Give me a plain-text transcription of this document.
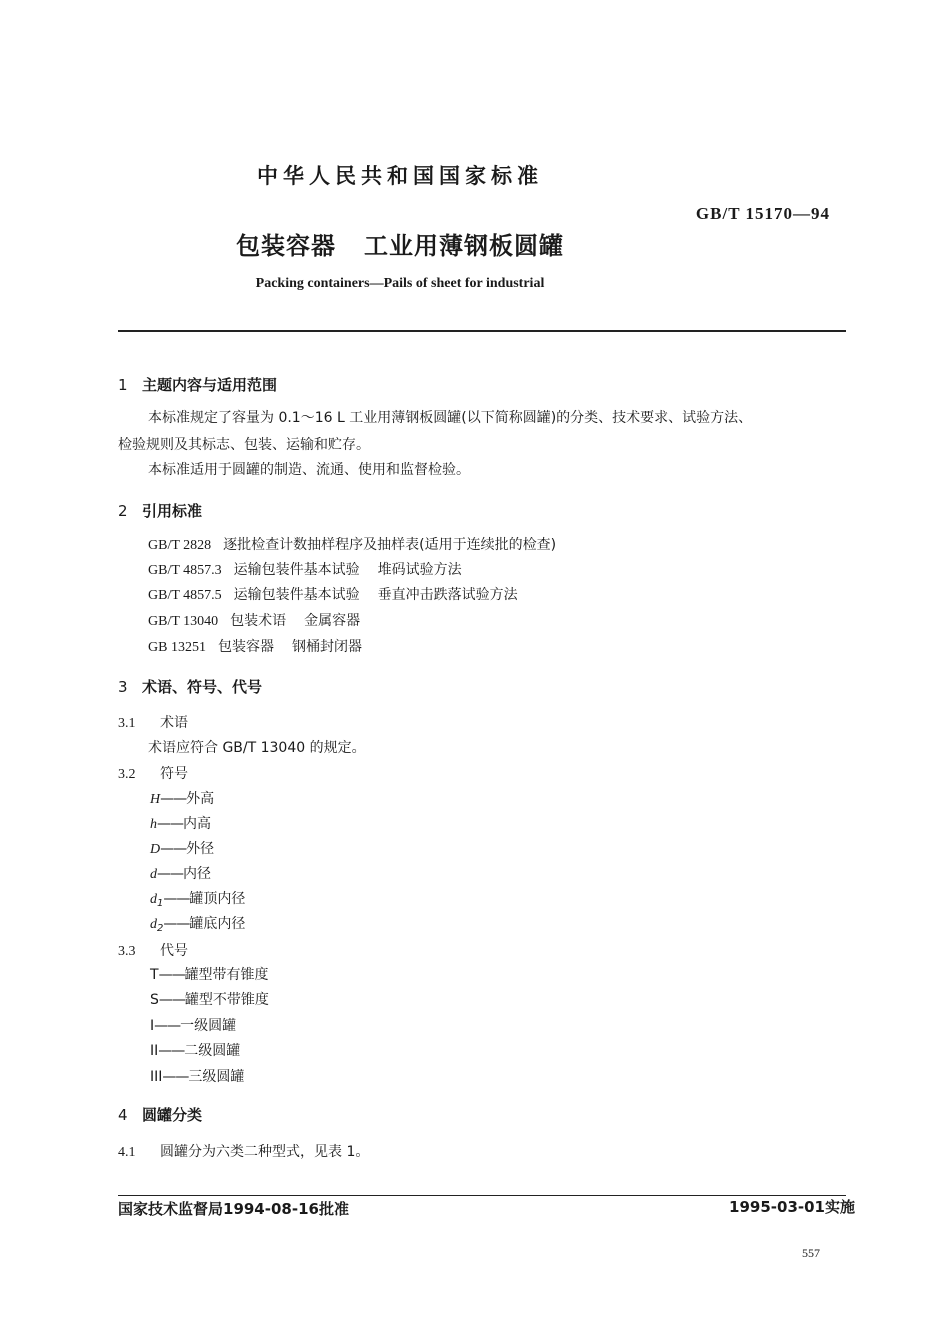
中华人民共和国国家标准
GB/T 15170—94
包装容器 工业用薄钢板圆罐
Packing containers—Pails of sheet for industrial
1 主题内容与适用范围
本标准规定了容量为 0.1～16 L 工业用薄钢板圆罐(以下简称圆罐)的分类、技术要求、试验方法、
检验规则及其标志、包装、运输和贮存。
本标准适用于圆罐的制造、流通、使用和监督检验。
2 引用标准
GB/T 2828 逐批检查计数抽样程序及抽样表(适用于连续批的检查)
GB/T 4857.3 运输包装件基本试验 堆码试验方法
GB/T 4857.5 运输包装件基本试验 垂直冲击跌落试验方法
GB/T 13040 包装术语 金属容器
GB 13251 包装容器 钢桶封闭器
3 术语、符号、代号
3.1 术语
术语应符合 GB/T 13040 的规定。
3.2 符号
H——外高
h——内高
D——外径
d——内径
$d_1——$罐顶内径
$d_2——$罐底内径
3.3 代号
T——罐型带有锥度
S——罐型不带锥度
I——一级圆罐
II——二级圆罐
III——三级圆罐
4 圆罐分类
4.1 圆罐分为六类二种型式，见表 1。
国家技术监督局1994-08-16批准	1995-03-01实施
557
